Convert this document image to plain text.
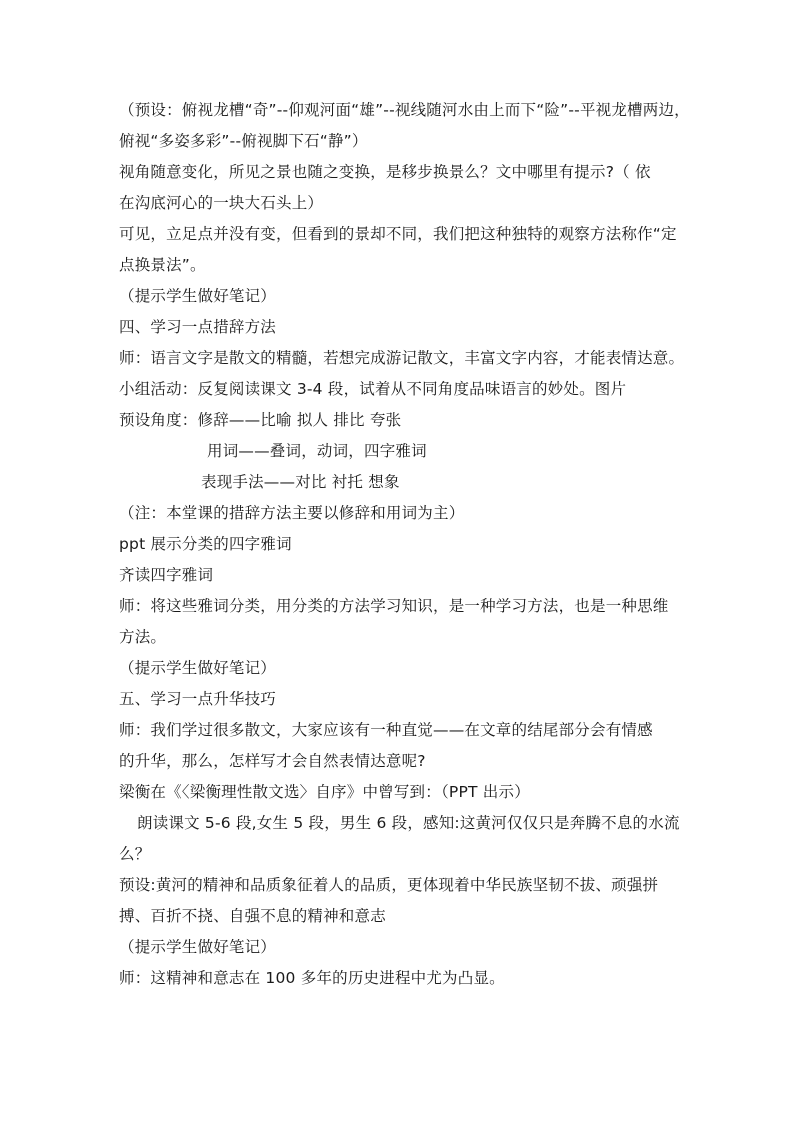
（预设：俯视龙槽“奇”--仰观河面“雄”--视线随河水由上而下“险”--平视龙槽两边，
俯视“多姿多彩”--俯视脚下石“静”）
视角随意变化，所见之景也随之变换，是移步换景么？文中哪里有提示?（ 依
在沟底河心的一块大石头上）
可见，立足点并没有变，但看到的景却不同，我们把这种独特的观察方法称作“定
点换景法”。
（提示学生做好笔记）
四、学习一点措辞方法
师：语言文字是散文的精髓，若想完成游记散文，丰富文字内容，才能表情达意。
小组活动：反复阅读课文 3-4 段，试着从不同角度品味语言的妙处。图片
预设角度：修辞——比喻 拟人 排比 夸张
用词——叠词，动词，四字雅词
表现手法——对比 衬托 想象
（注：本堂课的措辞方法主要以修辞和用词为主）
ppt 展示分类的四字雅词
齐读四字雅词
师：将这些雅词分类，用分类的方法学习知识，是一种学习方法，也是一种思维
方法。
（提示学生做好笔记）
五、学习一点升华技巧
师：我们学过很多散文，大家应该有一种直觉——在文章的结尾部分会有情感
的升华，那么，怎样写才会自然表情达意呢?
梁衡在《〈梁衡理性散文选〉自序》中曾写到：（PPT 出示）
朗读课文 5-6 段,女生 5 段，男生 6 段，感知:这黄河仅仅只是奔腾不息的水流
么？
预设:黄河的精神和品质象征着人的品质，更体现着中华民族坚韧不拔、顽强拼
搏、百折不挠、自强不息的精神和意志
（提示学生做好笔记）
师：这精神和意志在 100 多年的历史进程中尤为凸显。
